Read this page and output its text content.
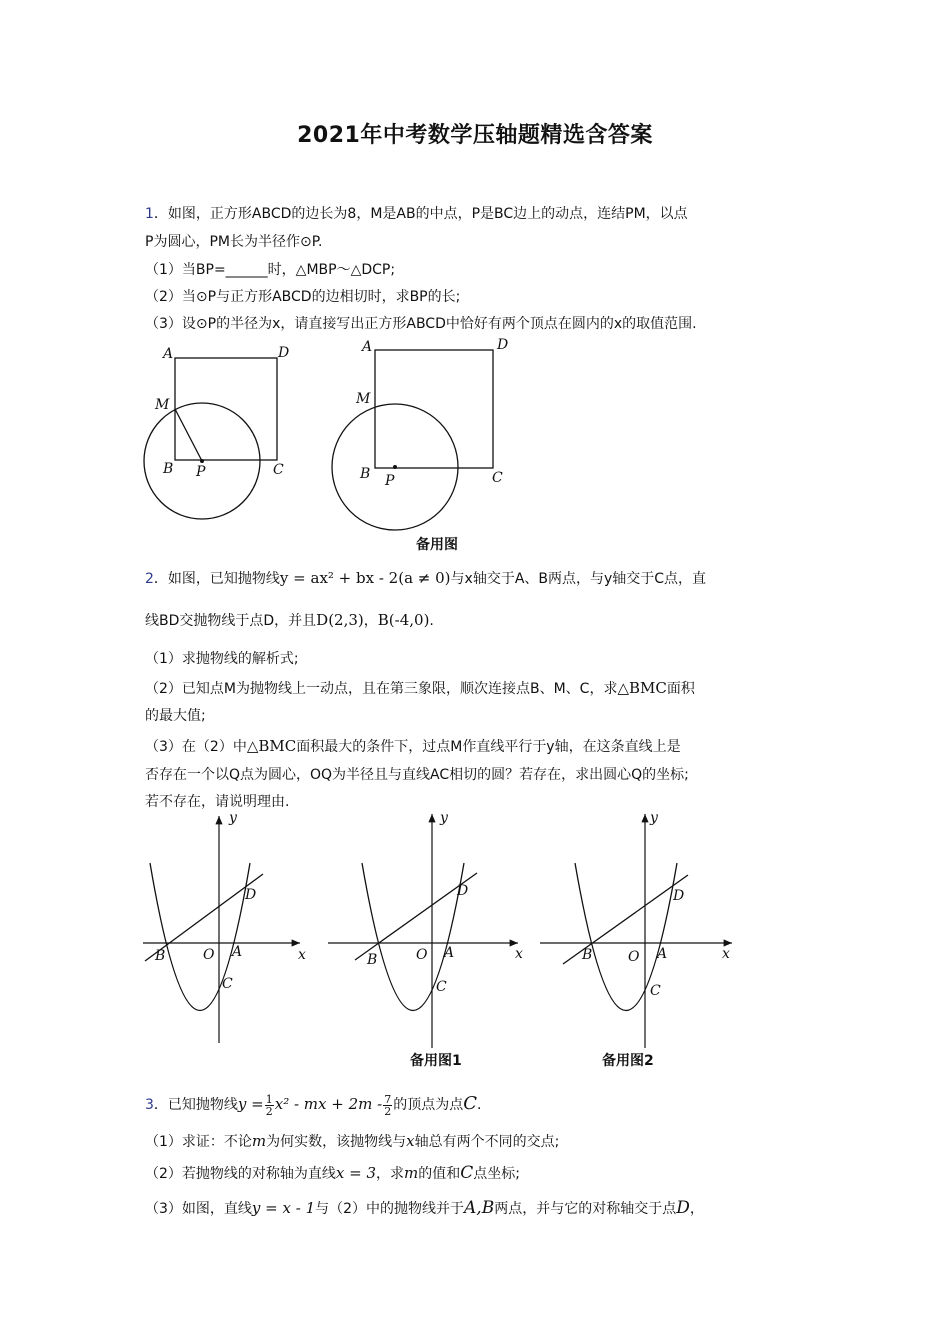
2021年中考数学压轴题精选含答案
1．如图，正方形ABCD的边长为8，M是AB的中点，P是BC边上的动点，连结PM，以点
P为圆心，PM长为半径作⊙P.
（1）当BP=______时，△MBP～△DCP;
（2）当⊙P与正方形ABCD的边相切时，求BP的长;
（3）设⊙P的半径为x，请直接写出正方形ABCD中恰好有两个顶点在圆内的x的取值范围.
A	D
M
B P	C
A	D
M
B P	C
备用图
2．如图，已知抛物线y = ax² + bx - 2(a ≠ 0)与x轴交于A、B两点，与y轴交于C点，直
线BD交抛物线于点D，并且D(2,3)，B(-4,0).
（1）求抛物线的解析式;
（2）已知点M为抛物线上一动点，且在第三象限，顺次连接点B、M、C，求△BMC面积
的最大值;
（3）在（2）中△BMC面积最大的条件下，过点M作直线平行于y轴，在这条直线上是
否存在一个以Q点为圆心，OQ为半径且与直线AC相切的圆？若存在，求出圆心Q的坐标;
若不存在，请说明理由.
y
x
O A
B
C
D
y
x
O A
B
C
D
备用图1
y
x
O A
B
C
D
备用图2
3．已知抛物线$y = \frac{1}{2} x^2$ - mx + $2m - \frac{7}{2}$ 的顶点为点C.
（1）求证：不论m为何实数，该抛物线与x轴总有两个不同的交点;
（2）若抛物线的对称轴为直线x = 3，求m的值和C点坐标;
（3）如图，直线y = x - 1与（2）中的抛物线并于A,B两点，并与它的对称轴交于点D，
